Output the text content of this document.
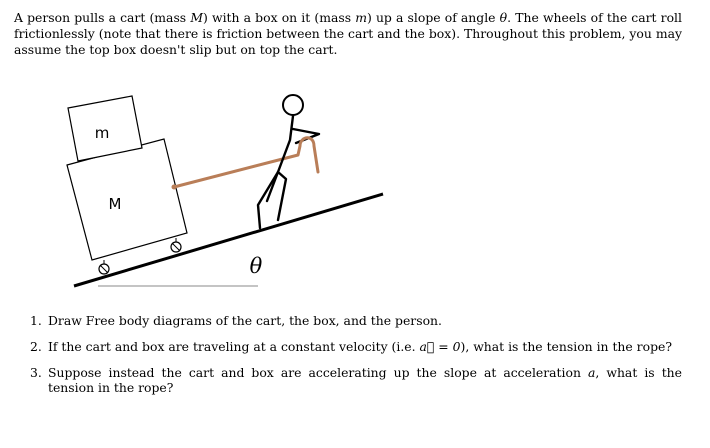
A person pulls a cart (mass M) with a box on it (mass m) up a slope of angle θ. The wheels of the cart roll frictionlessly (note that there is friction between the cart and the box). Throughout this problem, you may assume the top box doesn't slip but on top the cart.

m
M
θ
1. Draw Free body diagrams of the cart, the box, and the person.
2. If the cart and box are traveling at a constant velocity (i.e. a⃗ = 0), what is the tension in the rope?
3. Suppose instead the cart and box are accelerating up the slope at acceleration a, what is the tension in the rope?
